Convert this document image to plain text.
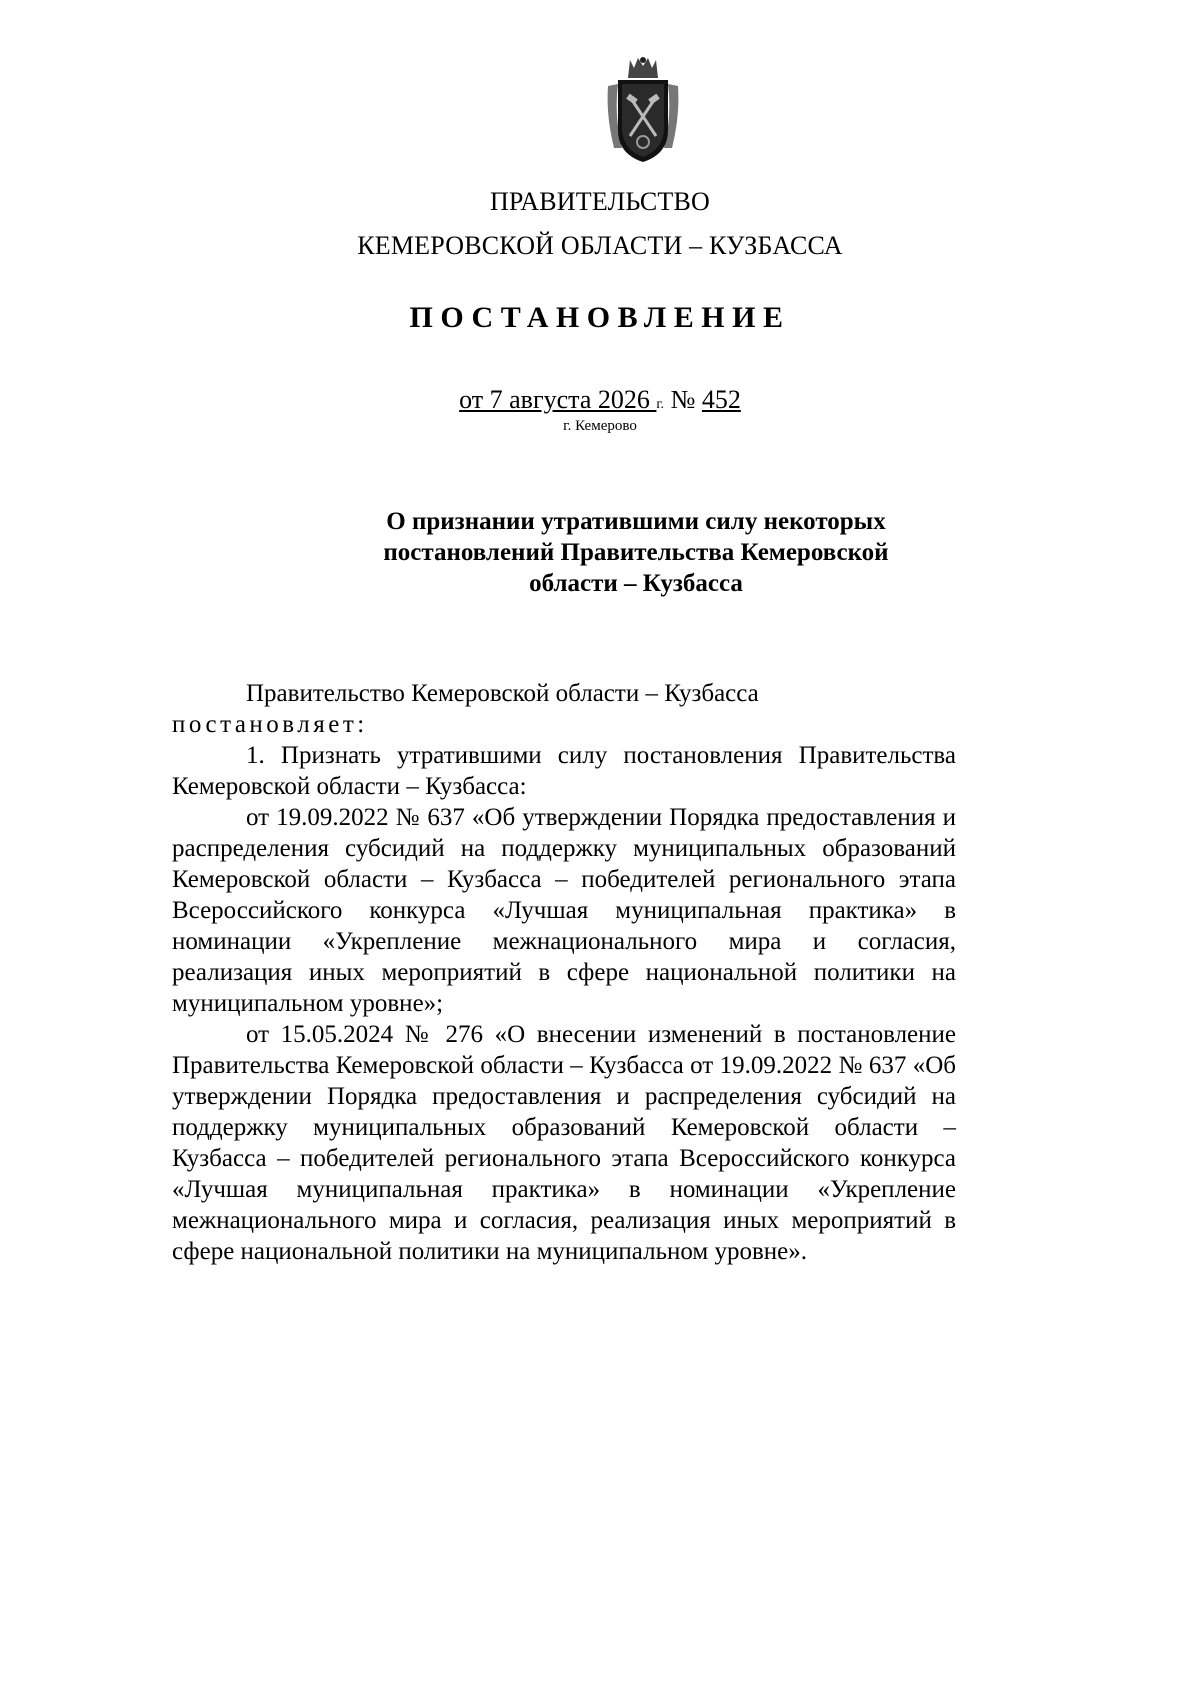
ПРАВИТЕЛЬСТВО
КЕМЕРОВСКОЙ ОБЛАСТИ – КУЗБАССА
ПОСТАНОВЛЕНИЕ
от 7 августа 2026 г. № 452
г. Кемерово
О признании утратившими силу некоторых
постановлений Правительства Кемеровской
области – Кузбасса

Правительство Кемеровской области – Кузбасса постановляет:

1. Признать утратившими силу постановления Правительства Кемеровской области – Кузбасса:

от 19.09.2022 № 637 «Об утверждении Порядка предоставления и распределения субсидий на поддержку муниципальных образований Кемеровской области – Кузбасса – победителей регионального этапа Всероссийского конкурса «Лучшая муниципальная практика» в номинации «Укрепление межнационального мира и согласия, реализация иных мероприятий в сфере национальной политики на муниципальном уровне»;

от 15.05.2024 № 276 «О внесении изменений в постановление Правительства Кемеровской области – Кузбасса от 19.09.2022 № 637 «Об утверждении Порядка предоставления и распределения субсидий на поддержку муниципальных образований Кемеровской области – Кузбасса – победителей регионального этапа Всероссийского конкурса «Лучшая муниципальная практика» в номинации «Укрепление межнационального мира и согласия, реализация иных мероприятий в сфере национальной политики на муниципальном уровне».
